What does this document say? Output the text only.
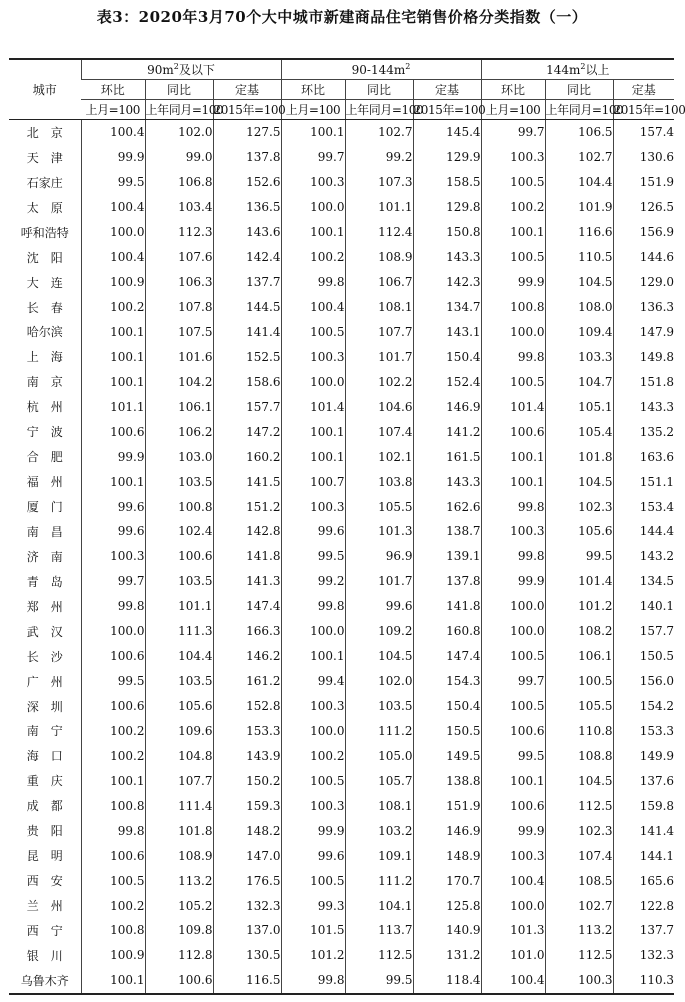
表3：2020年3月70个大中城市新建商品住宅销售价格分类指数（一）
城市	$90m^2$及以下			$90-144m^2$			$144m^2$以上		
	环比	同比	定基	环比	同比	定基	环比	同比	定基
	上月=100	上年同月=100	2015年=100	上月=100	上年同月=100	2015年=100	上月=100	上年同月=100	2015年=100
北　京	100.4	102.0	127.5	100.1	102.7	145.4	99.7	106.5	157.4
天　津	99.9	99.0	137.8	99.7	99.2	129.9	100.3	102.7	130.6
石家庄	99.5	106.8	152.6	100.3	107.3	158.5	100.5	104.4	151.9
太　原	100.4	103.4	136.5	100.0	101.1	129.8	100.2	101.9	126.5
呼和浩特	100.0	112.3	143.6	100.1	112.4	150.8	100.1	116.6	156.9
沈　阳	100.4	107.6	142.4	100.2	108.9	143.3	100.5	110.5	144.6
大　连	100.9	106.3	137.7	99.8	106.7	142.3	99.9	104.5	129.0
长　春	100.2	107.8	144.5	100.4	108.1	134.7	100.8	108.0	136.3
哈尔滨	100.1	107.5	141.4	100.5	107.7	143.1	100.0	109.4	147.9
上　海	100.1	101.6	152.5	100.3	101.7	150.4	99.8	103.3	149.8
南　京	100.1	104.2	158.6	100.0	102.2	152.4	100.5	104.7	151.8
杭　州	101.1	106.1	157.7	101.4	104.6	146.9	101.4	105.1	143.3
宁　波	100.6	106.2	147.2	100.1	107.4	141.2	100.6	105.4	135.2
合　肥	99.9	103.0	160.2	100.1	102.1	161.5	100.1	101.8	163.6
福　州	100.1	103.5	141.5	100.7	103.8	143.3	100.1	104.5	151.1
厦　门	99.6	100.8	151.2	100.3	105.5	162.6	99.8	102.3	153.4
南　昌	99.6	102.4	142.8	99.6	101.3	138.7	100.3	105.6	144.4
济　南	100.3	100.6	141.8	99.5	96.9	139.1	99.8	99.5	143.2
青　岛	99.7	103.5	141.3	99.2	101.7	137.8	99.9	101.4	134.5
郑　州	99.8	101.1	147.4	99.8	99.6	141.8	100.0	101.2	140.1
武　汉	100.0	111.3	166.3	100.0	109.2	160.8	100.0	108.2	157.7
长　沙	100.6	104.4	146.2	100.1	104.5	147.4	100.5	106.1	150.5
广　州	99.5	103.5	161.2	99.4	102.0	154.3	99.7	100.5	156.0
深　圳	100.6	105.6	152.8	100.3	103.5	150.4	100.5	105.5	154.2
南　宁	100.2	109.6	153.3	100.0	111.2	150.5	100.6	110.8	153.3
海　口	100.2	104.8	143.9	100.2	105.0	149.5	99.5	108.8	149.9
重　庆	100.1	107.7	150.2	100.5	105.7	138.8	100.1	104.5	137.6
成　都	100.8	111.4	159.3	100.3	108.1	151.9	100.6	112.5	159.8
贵　阳	99.8	101.8	148.2	99.9	103.2	146.9	99.9	102.3	141.4
昆　明	100.6	108.9	147.0	99.6	109.1	148.9	100.3	107.4	144.1
西　安	100.5	113.2	176.5	100.5	111.2	170.7	100.4	108.5	165.6
兰　州	100.2	105.2	132.3	99.3	104.1	125.8	100.0	102.7	122.8
西　宁	100.8	109.8	137.0	101.5	113.7	140.9	101.3	113.2	137.7
银　川	100.9	112.8	130.5	101.2	112.5	131.2	101.0	112.5	132.3
乌鲁木齐	100.1	100.6	116.5	99.8	99.5	118.4	100.4	100.3	110.3
